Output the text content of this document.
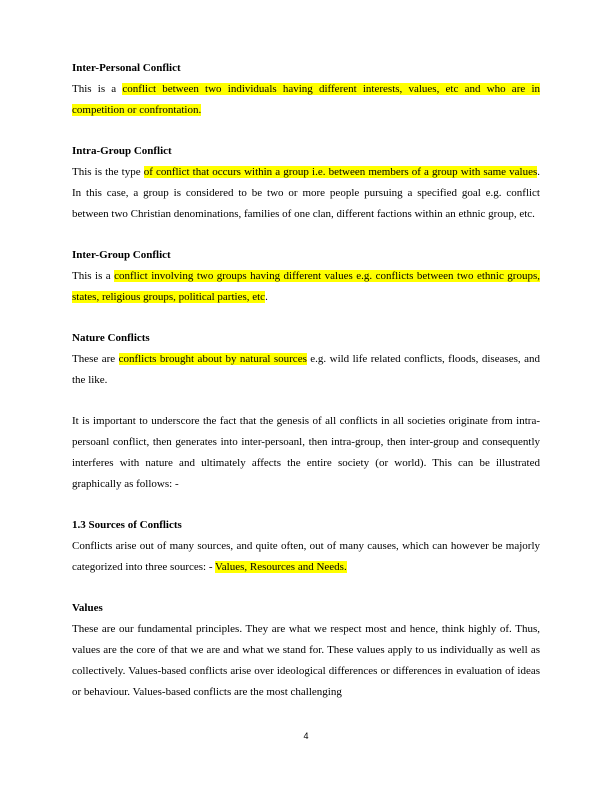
Inter-Personal Conflict
This is a conflict between two individuals having different interests, values, etc and who are in competition or confrontation.
Intra-Group Conflict
This is the type of conflict that occurs within a group i.e. between members of a group with same values. In this case, a group is considered to be two or more people pursuing a specified goal e.g. conflict between two Christian denominations, families of one clan, different factions within an ethnic group, etc.
Inter-Group Conflict
This is a conflict involving two groups having different values e.g. conflicts between two ethnic groups, states, religious groups, political parties, etc.
Nature Conflicts
These are conflicts brought about by natural sources e.g. wild life related conflicts, floods, diseases, and the like.
It is important to underscore the fact that the genesis of all conflicts in all societies originate from intra-persoanl conflict, then generates into inter-persoanl, then intra-group, then inter-group and consequently interferes with nature and ultimately affects the entire society (or world). This can be illustrated graphically as follows: -
1.3 Sources of Conflicts
Conflicts arise out of many sources, and quite often, out of many causes, which can however be majorly categorized into three sources: - Values, Resources and Needs.
Values
These are our fundamental principles. They are what we respect most and hence, think highly of. Thus, values are the core of that we are and what we stand for. These values apply to us individually as well as collectively. Values-based conflicts arise over ideological differences or differences in evaluation of ideas or behaviour. Values-based conflicts are the most challenging
4
